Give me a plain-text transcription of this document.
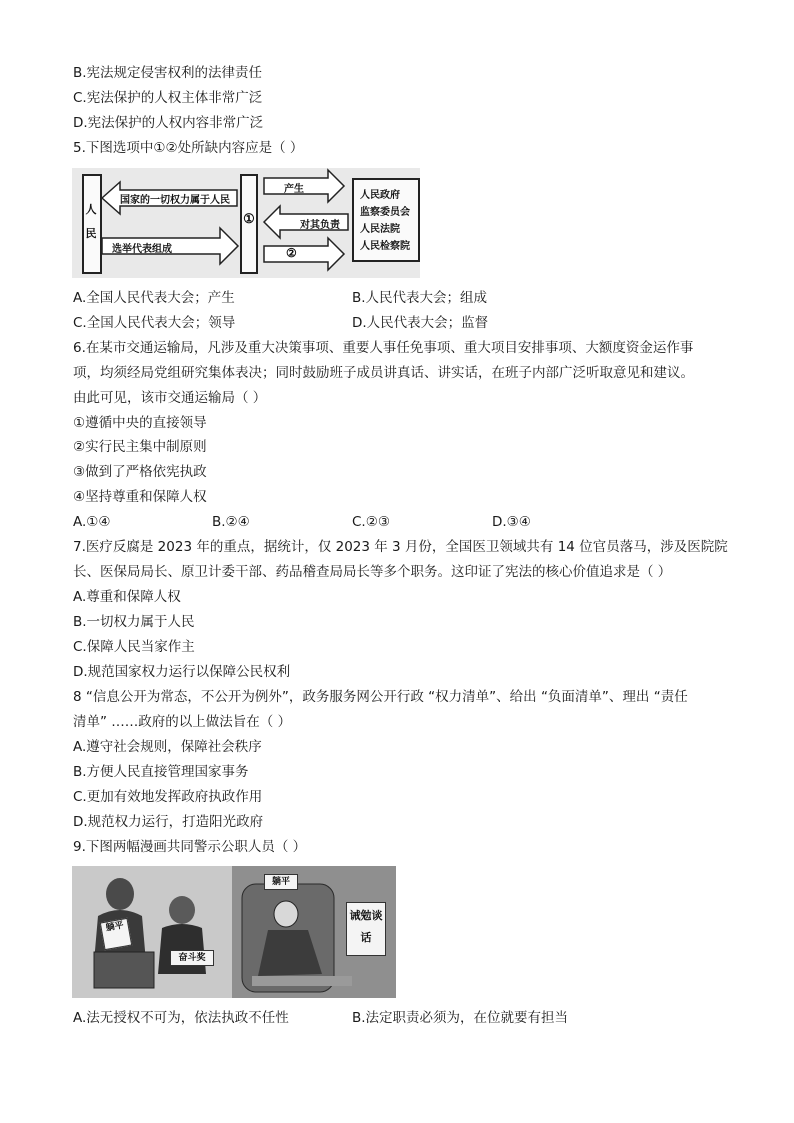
B.宪法规定侵害权利的法律责任
C.宪法保护的人权主体非常广泛
D.宪法保护的人权内容非常广泛
5.下图选项中①②处所缺内容应是（ ）
人民
国家的一切权力属于人民
选举代表组成
①
产生
对其负责
②
人民政府
监察委员会
人民法院
人民检察院
A.全国人民代表大会；产生	B.人民代表大会；组成
C.全国人民代表大会；领导	D.人民代表大会；监督
6.在某市交通运输局，凡涉及重大决策事项、重要人事任免事项、重大项目安排事项、大额度资金运作事
项，均须经局党组研究集体表决；同时鼓励班子成员讲真话、讲实话，在班子内部广泛听取意见和建议。
由此可见，该市交通运输局（ ）
①遵循中央的直接领导
②实行民主集中制原则
③做到了严格依宪执政
④坚持尊重和保障人权
A.①④	B.②④	C.②③	D.③④
7.医疗反腐是 2023 年的重点，据统计，仅 2023 年 3 月份，全国医卫领域共有 14 位官员落马，涉及医院院
长、医保局局长、原卫计委干部、药品稽查局局长等多个职务。这印证了宪法的核心价值追求是（ ）
A.尊重和保障人权
B.一切权力属于人民
C.保障人民当家作主
D.规范国家权力运行以保障公民权利
8 “信息公开为常态，不公开为例外”，政务服务网公开行政 “权力清单”、给出 “负面清单”、理出 “责任
清单” ……政府的以上做法旨在（ ）
A.遵守社会规则，保障社会秩序
B.方便人民直接管理国家事务
C.更加有效地发挥政府执政作用
D.规范权力运行，打造阳光政府
9.下图两幅漫画共同警示公职人员（ ）
躺平
奋斗奖
躺平
诫勉谈话
A.法无授权不可为，依法执政不任性	B.法定职责必须为，在位就要有担当
